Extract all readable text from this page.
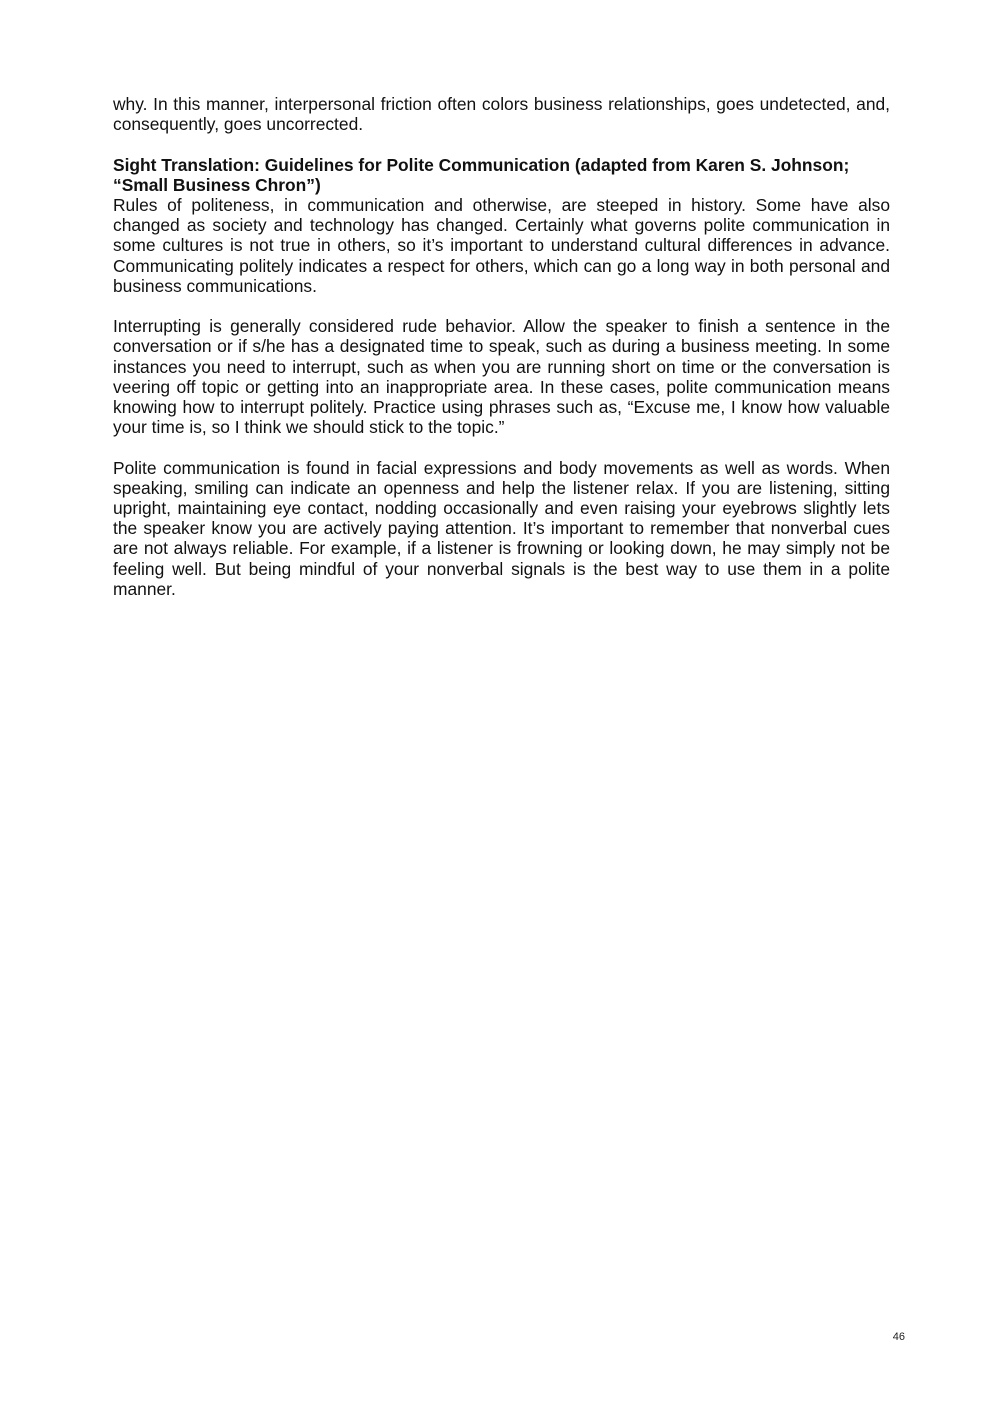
why. In this manner, interpersonal friction often colors business relationships, goes undetected, and, consequently, goes uncorrected.

Sight Translation: Guidelines for Polite Communication (adapted from Karen S. Johnson; “Small Business Chron”)

Rules of politeness, in communication and otherwise, are steeped in history. Some have also changed as society and technology has changed. Certainly what governs polite communication in some cultures is not true in others, so it’s important to understand cultural differences in advance. Communicating politely indicates a respect for others, which can go a long way in both personal and business communications.

Interrupting is generally considered rude behavior. Allow the speaker to finish a sentence in the conversation or if s/he has a designated time to speak, such as during a business meeting. In some instances you need to interrupt, such as when you are running short on time or the conversation is veering off topic or getting into an inappropriate area. In these cases, polite communication means knowing how to interrupt politely. Practice using phrases such as, “Excuse me, I know how valuable your time is, so I think we should stick to the topic.”

Polite communication is found in facial expressions and body movements as well as words. When speaking, smiling can indicate an openness and help the listener relax. If you are listening, sitting upright, maintaining eye contact, nodding occasionally and even raising your eyebrows slightly lets the speaker know you are actively paying attention. It’s important to remember that nonverbal cues are not always reliable. For example, if a listener is frowning or looking down, he may simply not be feeling well. But being mindful of your nonverbal signals is the best way to use them in a polite manner.

46
